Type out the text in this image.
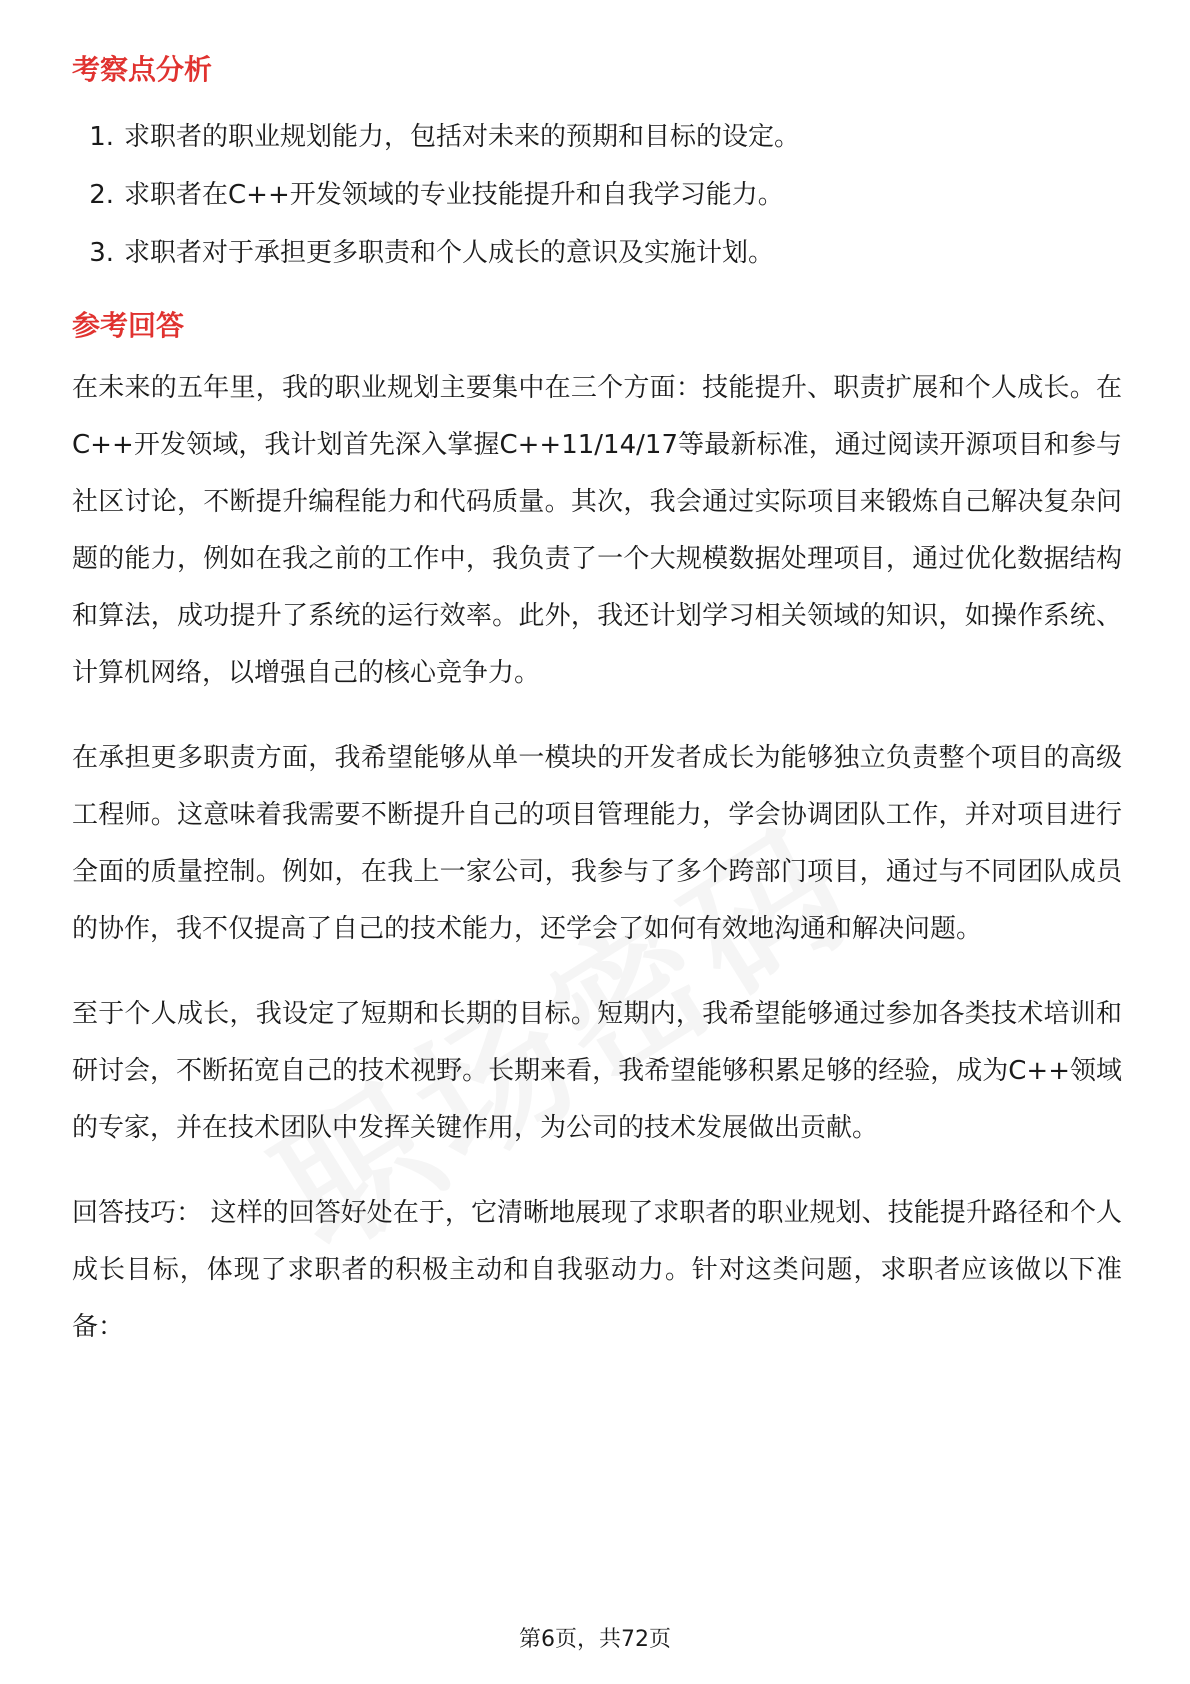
考察点分析
1. 求职者的职业规划能力，包括对未来的预期和目标的设定。
2. 求职者在C++开发领域的专业技能提升和自我学习能力。
3. 求职者对于承担更多职责和个人成长的意识及实施计划。
参考回答

在未来的五年里，我的职业规划主要集中在三个方面：技能提升、职责扩展和个人成长。在C++开发领域，我计划首先深入掌握C++11/14/17等最新标准，通过阅读开源项目和参与社区讨论，不断提升编程能力和代码质量。其次，我会通过实际项目来锻炼自己解决复杂问题的能力，例如在我之前的工作中，我负责了一个大规模数据处理项目，通过优化数据结构和算法，成功提升了系统的运行效率。此外，我还计划学习相关领域的知识，如操作系统、计算机网络，以增强自己的核心竞争力。

在承担更多职责方面，我希望能够从单一模块的开发者成长为能够独立负责整个项目的高级工程师。这意味着我需要不断提升自己的项目管理能力，学会协调团队工作，并对项目进行全面的质量控制。例如，在我上一家公司，我参与了多个跨部门项目，通过与不同团队成员的协作，我不仅提高了自己的技术能力，还学会了如何有效地沟通和解决问题。

至于个人成长，我设定了短期和长期的目标。短期内，我希望能够通过参加各类技术培训和研讨会，不断拓宽自己的技术视野。长期来看，我希望能够积累足够的经验，成为C++领域的专家，并在技术团队中发挥关键作用，为公司的技术发展做出贡献。

回答技巧： 这样的回答好处在于，它清晰地展现了求职者的职业规划、技能提升路径和个人成长目标，体现了求职者的积极主动和自我驱动力。针对这类问题，求职者应该做以下准备：

第6页，共72页
